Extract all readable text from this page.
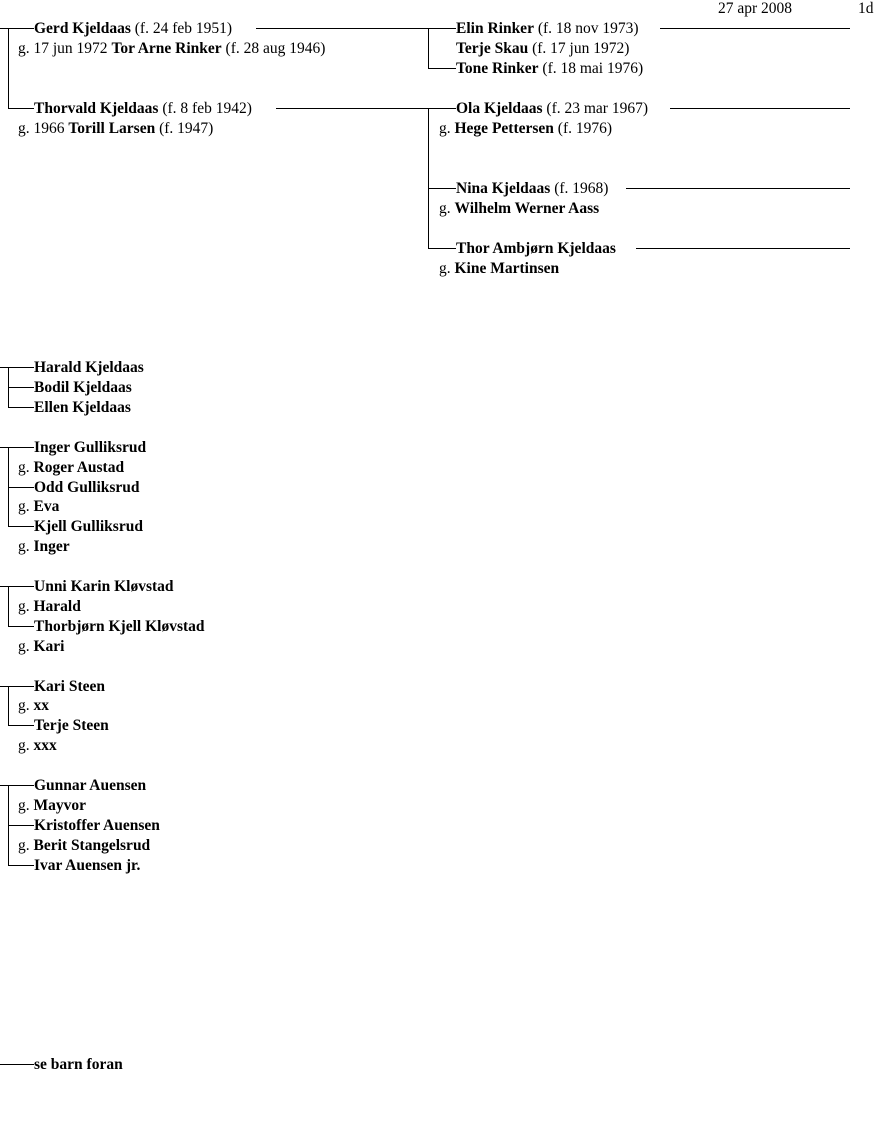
27 apr 2008	1d
Gerd Kjeldaas (f. 24 feb 1951)
g. 17 jun 1972 Tor Arne Rinker (f. 28 aug 1946)
Elin Rinker (f. 18 nov 1973)
Terje Skau (f. 17 jun 1972)
Tone Rinker (f. 18 mai 1976)
Thorvald Kjeldaas (f. 8 feb 1942)
g. 1966 Torill Larsen (f. 1947)
Ola Kjeldaas (f. 23 mar 1967)
g. Hege Pettersen (f. 1976)
Nina Kjeldaas (f. 1968)
g. Wilhelm Werner Aass
Thor Ambjørn Kjeldaas
g. Kine Martinsen
Harald Kjeldaas
Bodil Kjeldaas
Ellen Kjeldaas
Inger Gulliksrud
g. Roger Austad
Odd Gulliksrud
g. Eva
Kjell Gulliksrud
g. Inger
Unni Karin Kløvstad
g. Harald
Thorbjørn Kjell Kløvstad
g. Kari
Kari Steen
g. xx
Terje Steen
g. xxx
Gunnar Auensen
g. Mayvor
Kristoffer Auensen
g. Berit Stangelsrud
Ivar Auensen jr.
se barn foran
